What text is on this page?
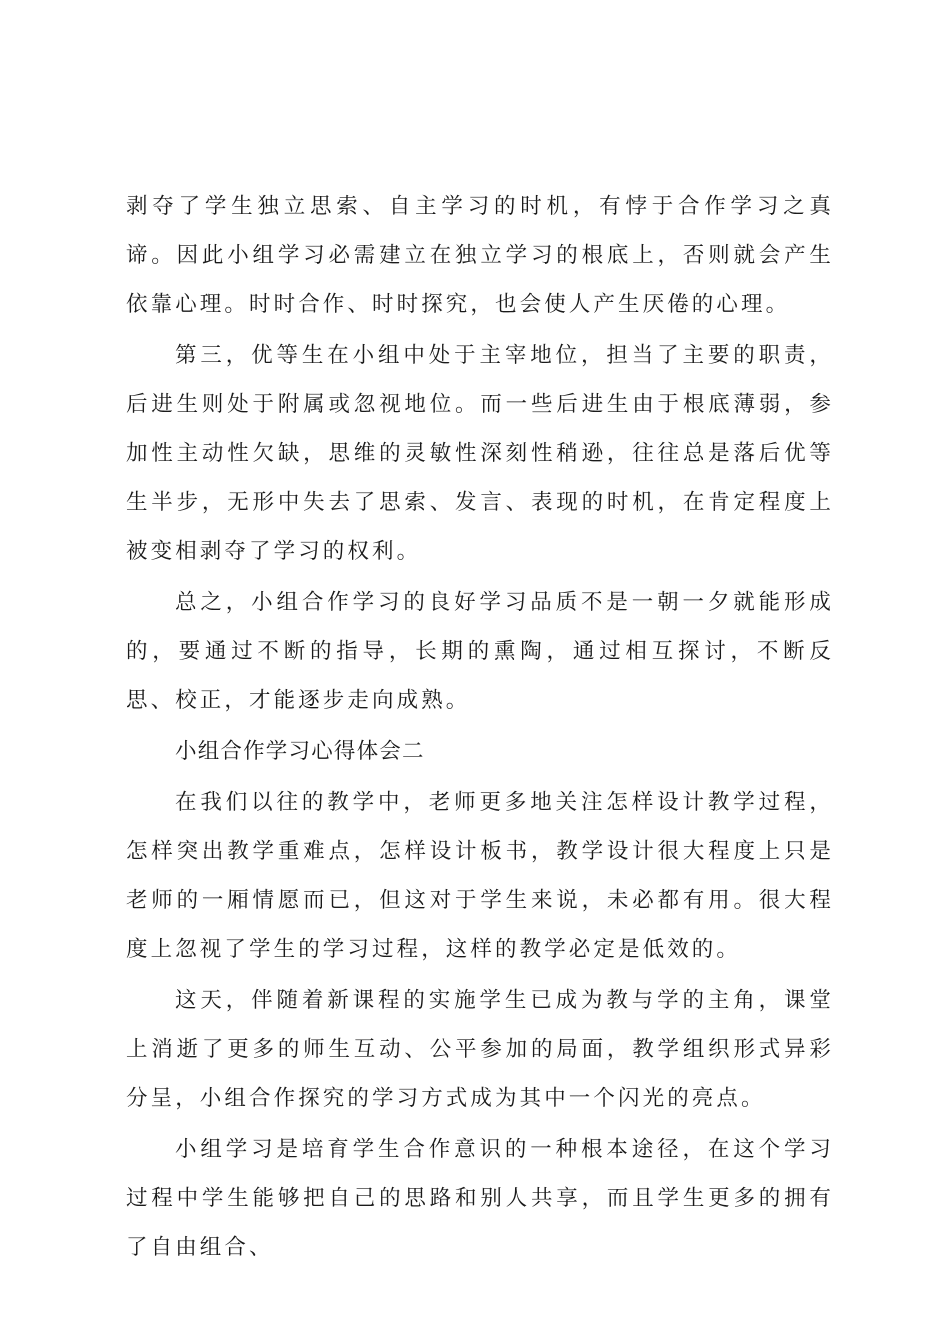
剥夺了学生独立思索、自主学习的时机，有悖于合作学习之真谛。因此小组学习必需建立在独立学习的根底上，否则就会产生依靠心理。时时合作、时时探究，也会使人产生厌倦的心理。

第三，优等生在小组中处于主宰地位，担当了主要的职责，后进生则处于附属或忽视地位。而一些后进生由于根底薄弱，参加性主动性欠缺，思维的灵敏性深刻性稍逊，往往总是落后优等生半步，无形中失去了思索、发言、表现的时机，在肯定程度上被变相剥夺了学习的权利。

总之，小组合作学习的良好学习品质不是一朝一夕就能形成的，要通过不断的指导，长期的熏陶，通过相互探讨，不断反思、校正，才能逐步走向成熟。

小组合作学习心得体会二

在我们以往的教学中，老师更多地关注怎样设计教学过程，怎样突出教学重难点，怎样设计板书，教学设计很大程度上只是老师的一厢情愿而已，但这对于学生来说，未必都有用。很大程度上忽视了学生的学习过程，这样的教学必定是低效的。

这天，伴随着新课程的实施学生已成为教与学的主角，课堂上消逝了更多的师生互动、公平参加的局面，教学组织形式异彩分呈，小组合作探究的学习方式成为其中一个闪光的亮点。

小组学习是培育学生合作意识的一种根本途径，在这个学习过程中学生能够把自己的思路和别人共享，而且学生更多的拥有了自由组合、
